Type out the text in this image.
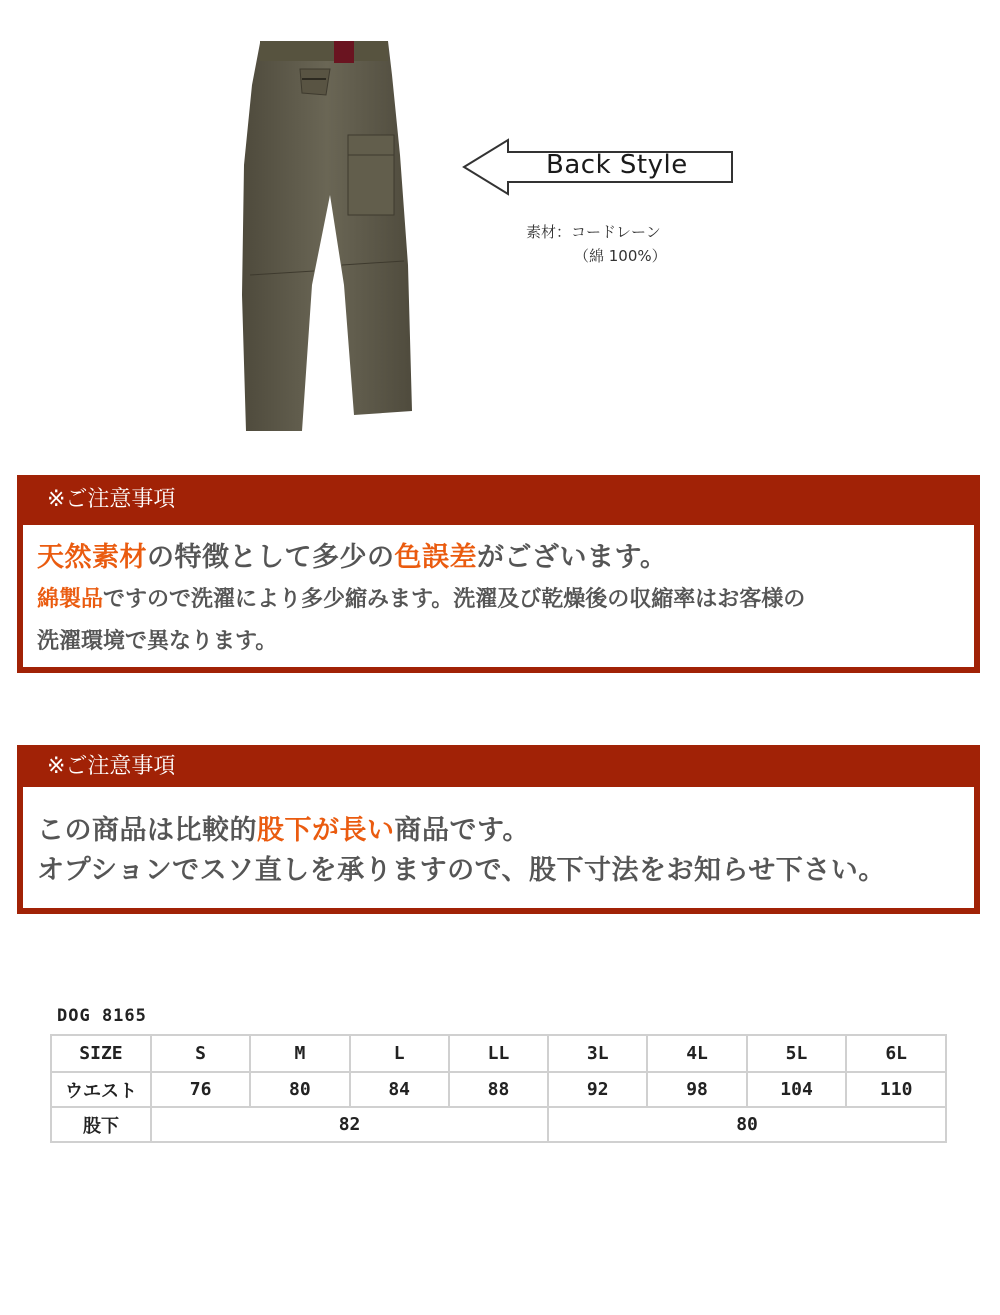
Back Style
素材：コードレーン
（綿 100%）
※ご注意事項
天然素材の特徴として多少の色誤差がございます。
綿製品ですので洗濯により多少縮みます。洗濯及び乾燥後の収縮率はお客様の
洗濯環境で異なります。
※ご注意事項
この商品は比較的股下が長い商品です。
オプションでスソ直しを承りますので、股下寸法をお知らせ下さい。
DOG 8165
SIZE	S	M	L	LL	3L	4L	5L	6L
ウエスト	76	80	84	88	92	98	104	110
股下	82				80			
